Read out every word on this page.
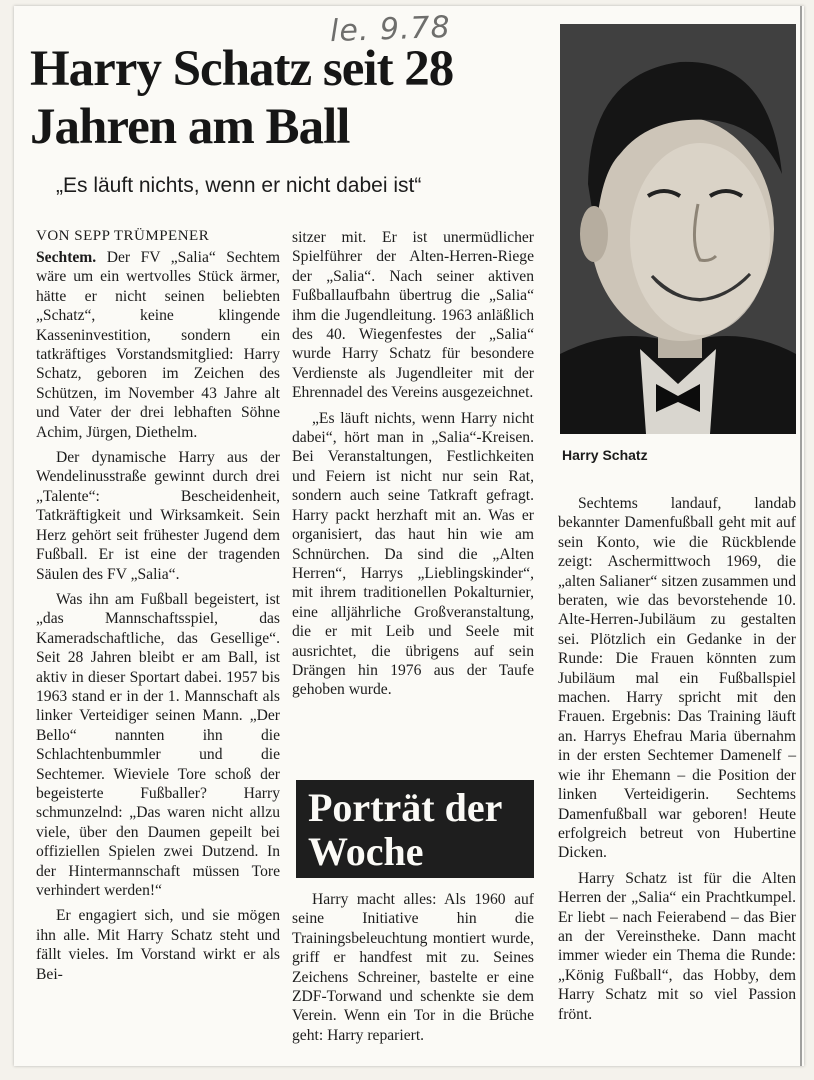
le. 9.78
Harry Schatz seit 28 Jahren am Ball
„Es läuft nichts, wenn er nicht dabei ist“
Harry Schatz
VON SEPP TRÜMPENER

Sechtem. Der FV „Salia“ Sechtem wäre um ein wertvolles Stück ärmer, hätte er nicht seinen beliebten „Schatz“, keine klingende Kasseninvestition, sondern ein tatkräftiges Vorstandsmitglied: Harry Schatz, geboren im Zeichen des Schützen, im November 43 Jahre alt und Vater der drei lebhaften Söhne Achim, Jürgen, Diethelm.

Der dynamische Harry aus der Wendelinusstraße gewinnt durch drei „Talente“: Bescheidenheit, Tatkräftigkeit und Wirksamkeit. Sein Herz gehört seit frühester Jugend dem Fußball. Er ist eine der tragenden Säulen des FV „Salia“.

Was ihn am Fußball begeistert, ist „das Mannschaftsspiel, das Kameradschaftliche, das Gesellige“. Seit 28 Jahren bleibt er am Ball, ist aktiv in dieser Sportart dabei. 1957 bis 1963 stand er in der 1. Mannschaft als linker Verteidiger seinen Mann. „Der Bello“ nannten ihn die Schlachtenbummler und die Sechtemer. Wieviele Tore schoß der begeisterte Fußballer? Harry schmunzelnd: „Das waren nicht allzu viele, über den Daumen gepeilt bei offiziellen Spielen zwei Dutzend. In der Hintermannschaft müssen Tore verhindert werden!“

Er engagiert sich, und sie mögen ihn alle. Mit Harry Schatz steht und fällt vieles. Im Vorstand wirkt er als Bei-

sitzer mit. Er ist unermüdlicher Spielführer der Alten-Herren-Riege der „Salia“. Nach seiner aktiven Fußballaufbahn übertrug die „Salia“ ihm die Jugendleitung. 1963 anläßlich des 40. Wiegenfestes der „Salia“ wurde Harry Schatz für besondere Verdienste als Jugendleiter mit der Ehrennadel des Vereins ausgezeichnet.

„Es läuft nichts, wenn Harry nicht dabei“, hört man in „Salia“-Kreisen. Bei Veranstaltungen, Festlichkeiten und Feiern ist nicht nur sein Rat, sondern auch seine Tatkraft gefragt. Harry packt herzhaft mit an. Was er organisiert, das haut hin wie am Schnürchen. Da sind die „Alten Herren“, Harrys „Lieblingskinder“, mit ihrem traditionellen Pokalturnier, eine alljährliche Großveranstaltung, die er mit Leib und Seele mit ausrichtet, die übrigens auf sein Drängen hin 1976 aus der Taufe gehoben wurde.

Porträt der Woche

Harry macht alles: Als 1960 auf seine Initiative hin die Trainingsbeleuchtung montiert wurde, griff er handfest mit zu. Seines Zeichens Schreiner, bastelte er eine ZDF-Torwand und schenkte sie dem Verein. Wenn ein Tor in die Brüche geht: Harry repariert.

Sechtems landauf, landab bekannter Damenfußball geht mit auf sein Konto, wie die Rückblende zeigt: Aschermittwoch 1969, die „alten Salianer“ sitzen zusammen und beraten, wie das bevorstehende 10. Alte-Herren-Jubiläum zu gestalten sei. Plötzlich ein Gedanke in der Runde: Die Frauen könnten zum Jubiläum mal ein Fußballspiel machen. Harry spricht mit den Frauen. Ergebnis: Das Training läuft an. Harrys Ehefrau Maria übernahm in der ersten Sechtemer Damenelf – wie ihr Ehemann – die Position der linken Verteidigerin. Sechtems Damenfußball war geboren! Heute erfolgreich betreut von Hubertine Dicken.

Harry Schatz ist für die Alten Herren der „Salia“ ein Prachtkumpel. Er liebt – nach Feierabend – das Bier an der Vereinstheke. Dann macht immer wieder ein Thema die Runde: „König Fußball“, das Hobby, dem Harry Schatz mit so viel Passion frönt.
